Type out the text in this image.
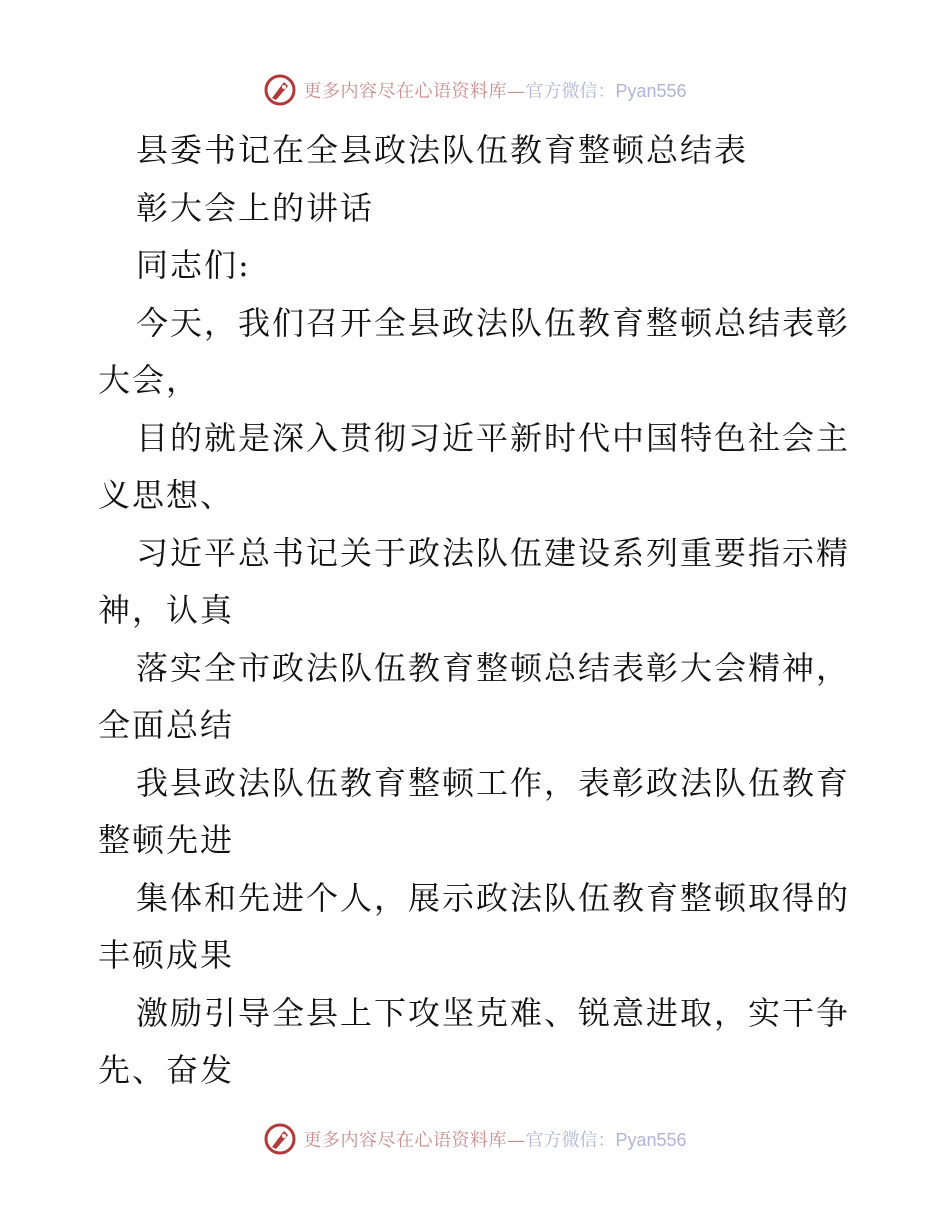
更多内容尽在心语资料库— 官方微信：Pyan556
县委书记在全县政法队伍教育整顿总结表
彰大会上的讲话
同志们:
今天，我们召开全县政法队伍教育整顿总结表彰
大会，
目的就是深入贯彻习近平新时代中国特色社会主
义思想、
习近平总书记关于政法队伍建设系列重要指示精
神，认真
落实全市政法队伍教育整顿总结表彰大会精神，
全面总结
我县政法队伍教育整顿工作，表彰政法队伍教育
整顿先进
集体和先进个人，展示政法队伍教育整顿取得的
丰硕成果
激励引导全县上下攻坚克难、锐意进取，实干争
先、奋发
更多内容尽在心语资料库— 官方微信：Pyan556
